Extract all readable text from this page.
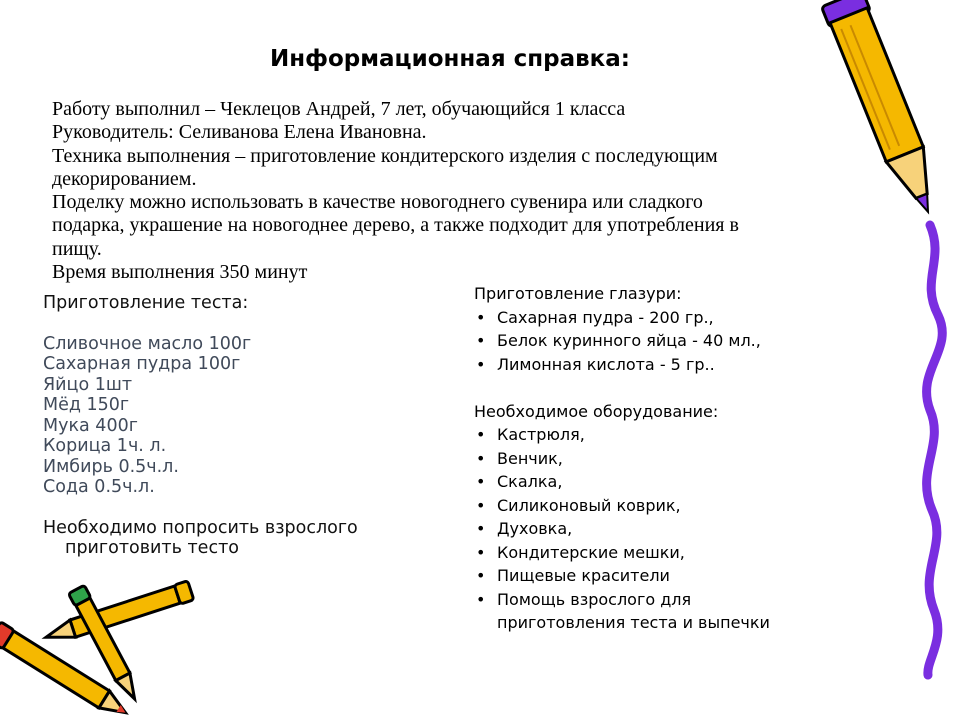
Информационная справка:
Работу выполнил – Чеклецов Андрей, 7 лет, обучающийся 1 класса
Руководитель: Селиванова Елена Ивановна.
Техника выполнения – приготовление кондитерского изделия с последующим
декорированием.
Поделку можно использовать в качестве новогоднего сувенира или сладкого
подарка, украшение на новогоднее дерево, а также подходит для употребления в
пищу.
Время выполнения 350 минут
Приготовление теста:
Сливочное масло 100г
Сахарная пудра 100г
Яйцо 1шт
Мёд 150г
Мука 400г
Корица 1ч. л.
Имбирь 0.5ч.л.
Сода 0.5ч.л.
Необходимо попросить взрослого
приготовить тесто
Приготовление глазури:
• Сахарная пудра - 200 гр.,
• Белок куринного яйца - 40 мл.,
• Лимонная кислота - 5 гр..
Необходимое оборудование:
• Кастрюля,
• Венчик,
• Скалка,
• Силиконовый коврик,
• Духовка,
• Кондитерские мешки,
• Пищевые красители
• Помощь взрослого для
приготовления теста и выпечки
